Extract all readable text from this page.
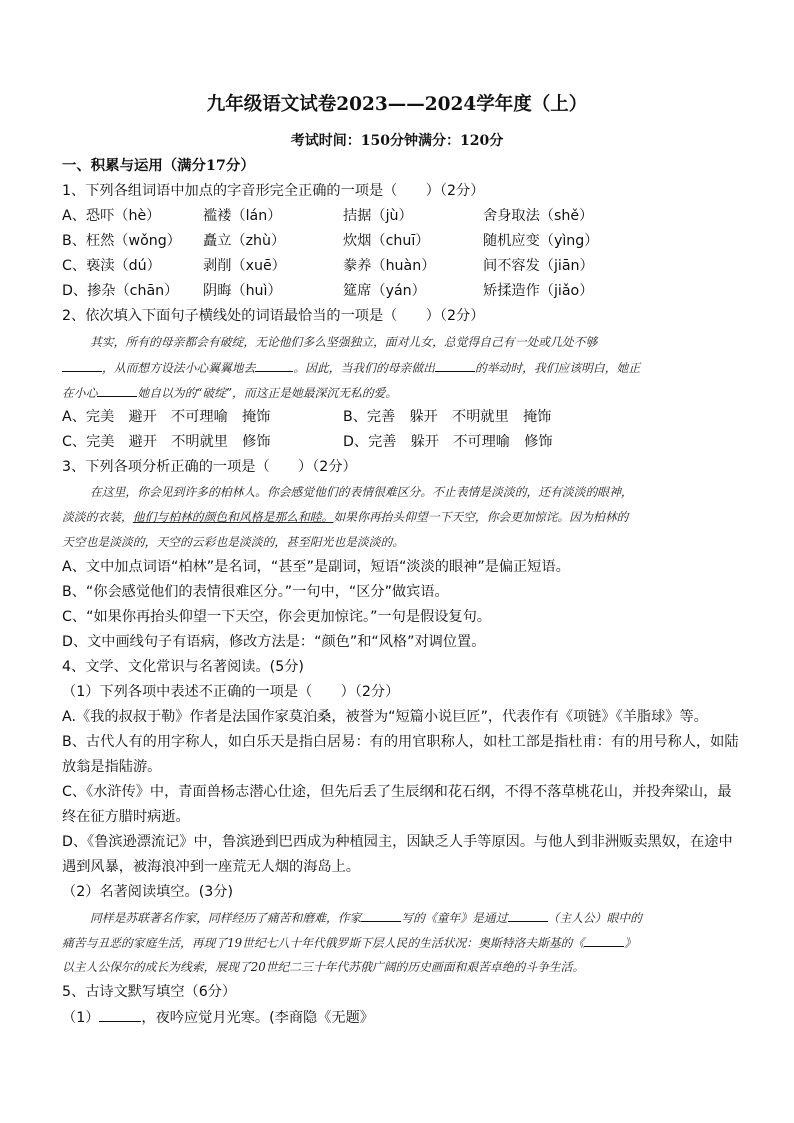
九年级语文试卷2023——2024学年度（上）
考试时间：150分钟满分：120分
一、积累与运用（满分17分）
1、下列各组词语中加点的字音形完全正确的一项是（　　）（2分）
A、恐吓（hè）	褴褛（lán）	拮据（jù）	舍身取法（shě）
B、枉然（wǒng） 矗立（zhù）	炊烟（chuī）	随机应变（yìng）
C、亵渎（dú）	剥削（xuē）	豢养（huàn）	间不容发（jiān）
D、掺杂（chān） 阴晦（huì）	筵席（yán）	矫揉造作（jiǎo）
2、依次填入下面句子横线处的词语最恰当的一项是（　　）（2分）
其实，所有的母亲都会有破绽，无论他们多么坚强独立，面对儿女，总觉得自己有一处或几处不够
，从而想方设法小心翼翼地去	。因此，当我们的母亲做出	的举动时，我们应该明白，她正
在小心	她自以为的“破绽”，而这正是她最深沉无私的爱。
A、完美　避开　不可理喻　掩饰	B、完善　躲开　不明就里　掩饰
C、完美　避开　不明就里　修饰	D、完善　躲开　不可理喻　修饰
3、下列各项分析正确的一项是（　　）（2分）
在这里，你会见到许多的柏林人。你会感觉他们的表情很难区分。不止表情是淡淡的，还有淡淡的眼神，
淡淡的衣装，他们与柏林的颜色和风格是那么和睦。如果你再抬头仰望一下天空，你会更加惊诧。因为柏林的
天空也是淡淡的，天空的云彩也是淡淡的，甚至阳光也是淡淡的。
A、文中加点词语“柏林”是名词，“甚至”是副词，短语“淡淡的眼神”是偏正短语。
B、“你会感觉他们的表情很难区分。”一句中，“区分”做宾语。
C、“如果你再抬头仰望一下天空，你会更加惊诧。”一句是假设复句。
D、文中画线句子有语病，修改方法是：“颜色”和“风格”对调位置。
4、文学、文化常识与名著阅读。(5分)
（1）下列各项中表述不正确的一项是（　　）（2分）
A.《我的叔叔于勒》作者是法国作家莫泊桑，被誉为“短篇小说巨匠”，代表作有《项链》《羊脂球》等。
B、古代人有的用字称人，如白乐天是指白居易：有的用官职称人，如杜工部是指杜甫：有的用号称人，如陆
放翁是指陆游。
C、《水浒传》中，青面兽杨志潜心仕途，但先后丢了生辰纲和花石纲，不得不落草桃花山，并投奔梁山，最
终在征方腊时病逝。
D、《鲁滨逊漂流记》中，鲁滨逊到巴西成为种植园主，因缺乏人手等原因。与他人到非洲贩卖黑奴，在途中
遇到风暴，被海浪冲到一座荒无人烟的海岛上。
（2）名著阅读填空。(3分)
同样是苏联著名作家，同样经历了痛苦和磨难，作家	写的《童年》是通过	（主人公）眼中的
痛苦与丑恶的家庭生活，再现了19世纪七八十年代俄罗斯下层人民的生活状况：奥斯特洛夫斯基的《	》
以主人公保尔的成长为线索，展现了20世纪二三十年代苏俄广阔的历史画面和艰苦卓绝的斗争生活。
5、古诗文默写填空（6分）
（1）	，夜吟应觉月光寒。(李商隐《无题》
